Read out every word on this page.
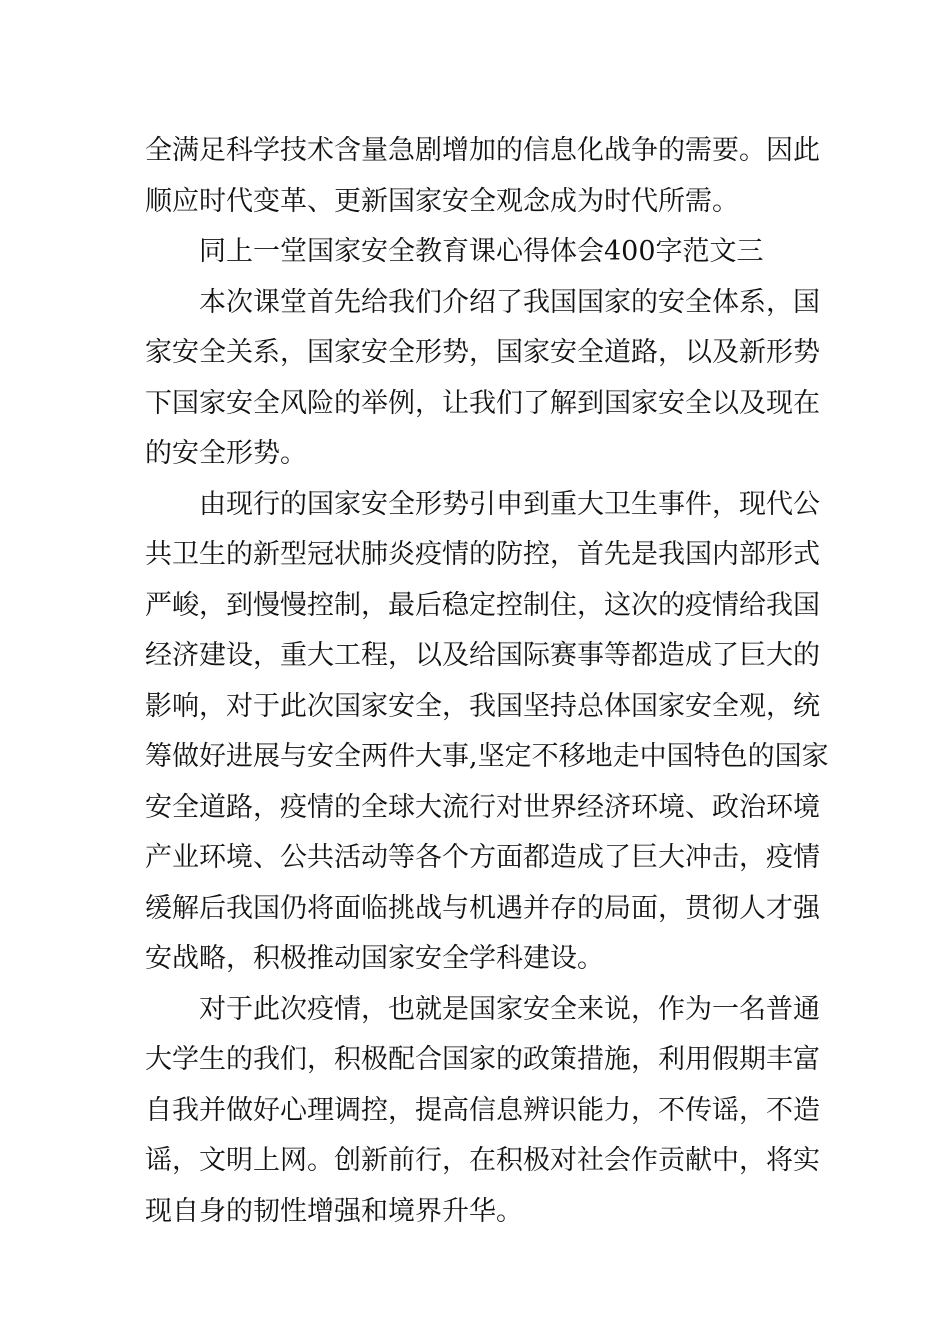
全满足科学技术含量急剧增加的信息化战争的需要。因此
顺应时代变革、更新国家安全观念成为时代所需。
同上一堂国家安全教育课心得体会400字范文三
本次课堂首先给我们介绍了我国国家的安全体系，国
家安全关系，国家安全形势，国家安全道路，以及新形势
下国家安全风险的举例，让我们了解到国家安全以及现在
的安全形势。
由现行的国家安全形势引申到重大卫生事件，现代公
共卫生的新型冠状肺炎疫情的防控，首先是我国内部形式
严峻，到慢慢控制，最后稳定控制住，这次的疫情给我国
经济建设，重大工程，以及给国际赛事等都造成了巨大的
影响，对于此次国家安全，我国坚持总体国家安全观，统
筹做好进展与安全两件大事,坚定不移地走中国特色的国家
安全道路，疫情的全球大流行对世界经济环境、政治环境
产业环境、公共活动等各个方面都造成了巨大冲击，疫情
缓解后我国仍将面临挑战与机遇并存的局面，贯彻人才强
安战略，积极推动国家安全学科建设。
对于此次疫情，也就是国家安全来说，作为一名普通
大学生的我们，积极配合国家的政策措施，利用假期丰富
自我并做好心理调控，提高信息辨识能力，不传谣，不造
谣，文明上网。创新前行，在积极对社会作贡献中，将实
现自身的韧性增强和境界升华。
